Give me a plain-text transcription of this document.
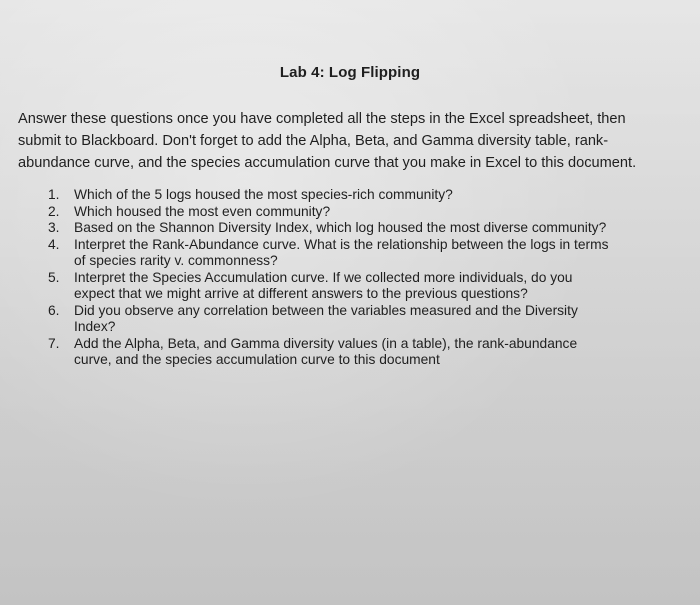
Lab 4: Log Flipping

Answer these questions once you have completed all the steps in the Excel spreadsheet, then
submit to Blackboard. Don't forget to add the Alpha, Beta, and Gamma diversity table, rank-
abundance curve, and the species accumulation curve that you make in Excel to this document.

1.	Which of the 5 logs housed the most species-rich community?
2.	Which housed the most even community?
3.	Based on the Shannon Diversity Index, which log housed the most diverse community?
4.	Interpret the Rank-Abundance curve. What is the relationship between the logs in terms
of species rarity v. commonness?
5.	Interpret the Species Accumulation curve. If we collected more individuals, do you
expect that we might arrive at different answers to the previous questions?
6.	Did you observe any correlation between the variables measured and the Diversity
Index?
7.	Add the Alpha, Beta, and Gamma diversity values (in a table), the rank-abundance
curve, and the species accumulation curve to this document
